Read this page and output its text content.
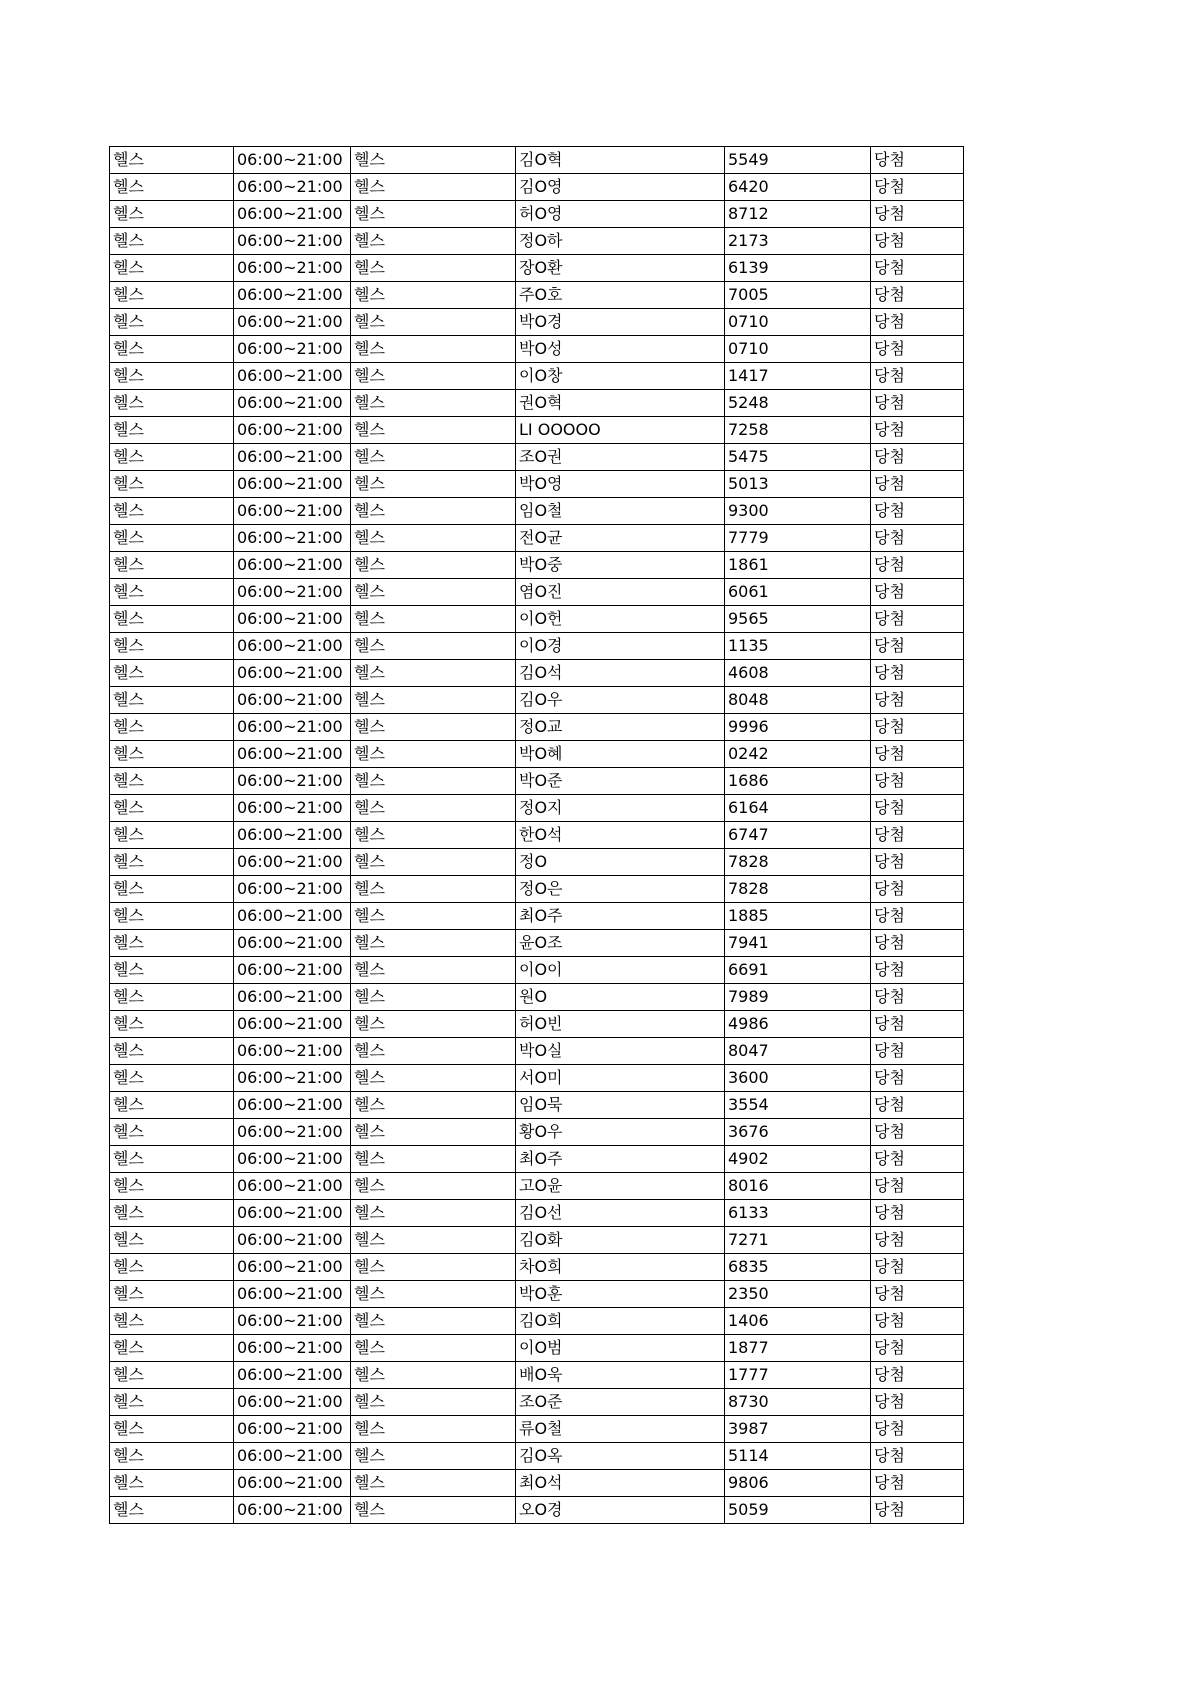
헬스	06:00~21:00	헬스	김O혁	5549	당첨
헬스	06:00~21:00	헬스	김O영	6420	당첨
헬스	06:00~21:00	헬스	허O영	8712	당첨
헬스	06:00~21:00	헬스	정O하	2173	당첨
헬스	06:00~21:00	헬스	장O환	6139	당첨
헬스	06:00~21:00	헬스	주O호	7005	당첨
헬스	06:00~21:00	헬스	박O경	0710	당첨
헬스	06:00~21:00	헬스	박O성	0710	당첨
헬스	06:00~21:00	헬스	이O창	1417	당첨
헬스	06:00~21:00	헬스	권O혁	5248	당첨
헬스	06:00~21:00	헬스	LI OOOOO	7258	당첨
헬스	06:00~21:00	헬스	조O권	5475	당첨
헬스	06:00~21:00	헬스	박O영	5013	당첨
헬스	06:00~21:00	헬스	임O철	9300	당첨
헬스	06:00~21:00	헬스	전O균	7779	당첨
헬스	06:00~21:00	헬스	박O중	1861	당첨
헬스	06:00~21:00	헬스	염O진	6061	당첨
헬스	06:00~21:00	헬스	이O헌	9565	당첨
헬스	06:00~21:00	헬스	이O경	1135	당첨
헬스	06:00~21:00	헬스	김O석	4608	당첨
헬스	06:00~21:00	헬스	김O우	8048	당첨
헬스	06:00~21:00	헬스	정O교	9996	당첨
헬스	06:00~21:00	헬스	박O혜	0242	당첨
헬스	06:00~21:00	헬스	박O준	1686	당첨
헬스	06:00~21:00	헬스	정O지	6164	당첨
헬스	06:00~21:00	헬스	한O석	6747	당첨
헬스	06:00~21:00	헬스	정O	7828	당첨
헬스	06:00~21:00	헬스	정O은	7828	당첨
헬스	06:00~21:00	헬스	최O주	1885	당첨
헬스	06:00~21:00	헬스	윤O조	7941	당첨
헬스	06:00~21:00	헬스	이O이	6691	당첨
헬스	06:00~21:00	헬스	원O	7989	당첨
헬스	06:00~21:00	헬스	허O빈	4986	당첨
헬스	06:00~21:00	헬스	박O실	8047	당첨
헬스	06:00~21:00	헬스	서O미	3600	당첨
헬스	06:00~21:00	헬스	임O묵	3554	당첨
헬스	06:00~21:00	헬스	황O우	3676	당첨
헬스	06:00~21:00	헬스	최O주	4902	당첨
헬스	06:00~21:00	헬스	고O윤	8016	당첨
헬스	06:00~21:00	헬스	김O선	6133	당첨
헬스	06:00~21:00	헬스	김O화	7271	당첨
헬스	06:00~21:00	헬스	차O희	6835	당첨
헬스	06:00~21:00	헬스	박O훈	2350	당첨
헬스	06:00~21:00	헬스	김O희	1406	당첨
헬스	06:00~21:00	헬스	이O범	1877	당첨
헬스	06:00~21:00	헬스	배O욱	1777	당첨
헬스	06:00~21:00	헬스	조O준	8730	당첨
헬스	06:00~21:00	헬스	류O철	3987	당첨
헬스	06:00~21:00	헬스	김O옥	5114	당첨
헬스	06:00~21:00	헬스	최O석	9806	당첨
헬스	06:00~21:00	헬스	오O경	5059	당첨
